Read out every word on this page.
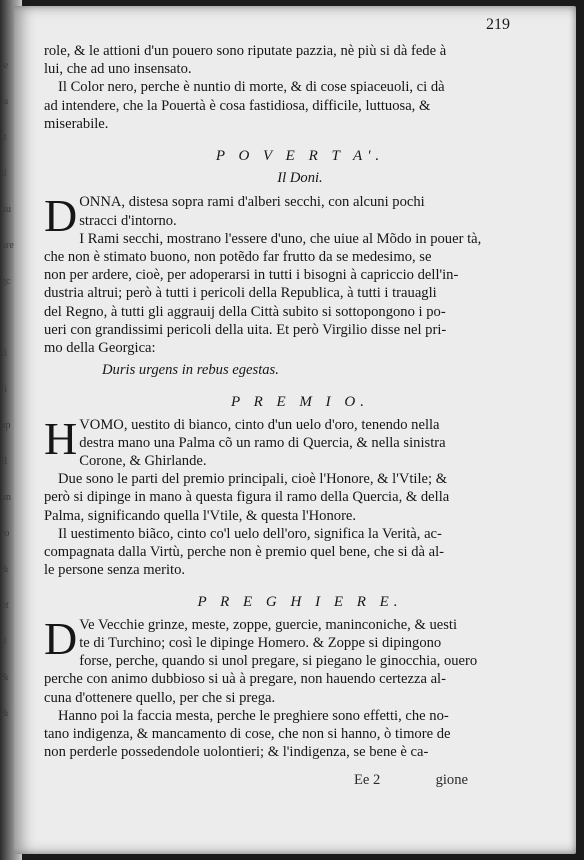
ie
ia
tt
il
uu
ure
gc
fi
fi
ap
Il
un
ro
&
nt
il
&
&
219

role, & le attioni d'un pouero sono riputate pazzia, nè più si dà fede à
lui, che ad uno insensato.
Il Color nero, perche è nuntio di morte, & di cose spiaceuoli, ci dà
ad intendere, che la Pouertà è cosa fastidiosa, difficile, luttuosa, &
miserabile.

P O V E R T A'.
Il Doni.
D ONNA, distesa sopra rami d'alberi secchi, con alcuni pochi
stracci d'intorno.

I Rami secchi, mostrano l'essere d'uno, che uiue al Mõdo in pouer tà,
che non è stimato buono, non potẽdo far frutto da se medesimo, se
non per ardere, cioè, per adoperarsi in tutti i bisogni à capriccio dell'in-
dustria altrui; però à tutti i pericoli della Republica, à tutti i trauagli
del Regno, à tutti gli aggrauij della Città subito si sottopongono i po-
ueri con grandissimi pericoli della uita. Et però Virgilio disse nel pri-
mo della Georgica:

Duris urgens in rebus egestas.
P R E M I O.
H VOMO, uestito di bianco, cinto d'un uelo d'oro, tenendo nella
destra mano una Palma cõ un ramo di Quercia, & nella sinistra
Corone, & Ghirlande.

Due sono le parti del premio principali, cioè l'Honore, & l'Vtile; &
però si dipinge in mano à questa figura il ramo della Quercia, & della
Palma, significando quella l'Vtile, & questa l'Honore.
Il uestimento biãco, cinto co'l uelo dell'oro, significa la Verità, ac-
compagnata dalla Virtù, perche non è premio quel bene, che si dà al-
le persone senza merito.

P R E G H I E R E.
D Ve Vecchie grinze, meste, zoppe, guercie, maninconiche, & uesti
te di Turchino; così le dipinge Homero. & Zoppe si dipingono
forse, perche, quando si unol pregare, si piegano le ginocchia, ouero
perche con animo dubbioso si uà à pregare, non hauendo certezza al-
cuna d'ottenere quello, per che si prega.

Hanno poi la faccia mesta, perche le preghiere sono effetti, che no-
tano indigenza, & mancamento di cose, che non si hanno, ò timore de
non perderle possedendole uolontieri; & l'indigenza, se bene è ca-

Ee 2	gione
